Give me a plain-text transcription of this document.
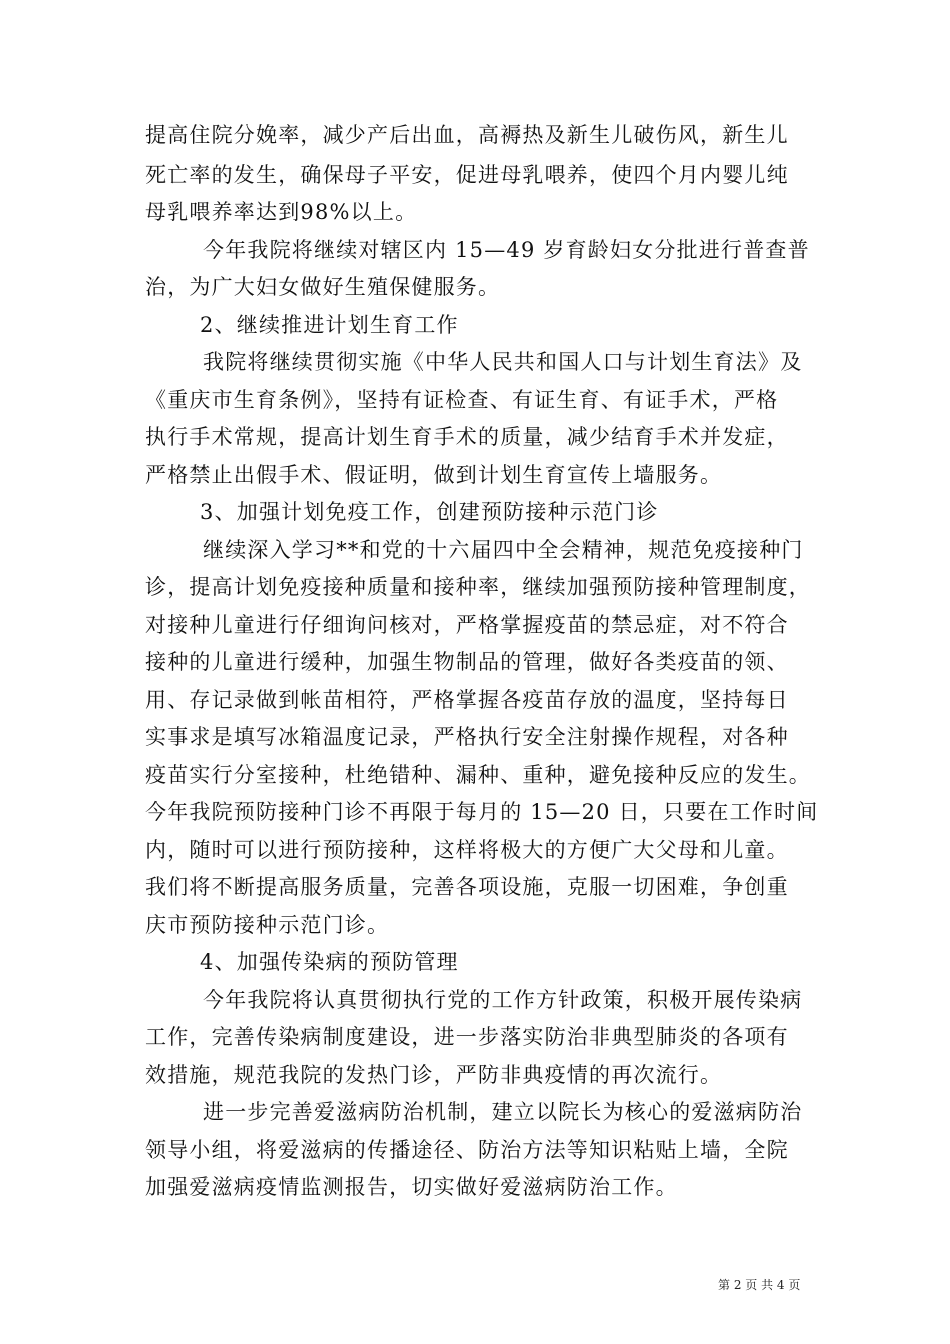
提高住院分娩率，减少产后出血，高褥热及新生儿破伤风，新生儿
死亡率的发生，确保母子平安，促进母乳喂养，使四个月内婴儿纯
母乳喂养率达到98%以上。
今年我院将继续对辖区内 15—49 岁育龄妇女分批进行普查普
治，为广大妇女做好生殖保健服务。
2、继续推进计划生育工作
我院将继续贯彻实施《中华人民共和国人口与计划生育法》及
《重庆市生育条例》，坚持有证检查、有证生育、有证手术，严格
执行手术常规，提高计划生育手术的质量，减少结育手术并发症，
严格禁止出假手术、假证明，做到计划生育宣传上墙服务。
3、加强计划免疫工作，创建预防接种示范门诊
继续深入学习**和党的十六届四中全会精神，规范免疫接种门
诊，提高计划免疫接种质量和接种率，继续加强预防接种管理制度，
对接种儿童进行仔细询问核对，严格掌握疫苗的禁忌症，对不符合
接种的儿童进行缓种，加强生物制品的管理，做好各类疫苗的领、
用、存记录做到帐苗相符，严格掌握各疫苗存放的温度，坚持每日
实事求是填写冰箱温度记录，严格执行安全注射操作规程，对各种
疫苗实行分室接种，杜绝错种、漏种、重种，避免接种反应的发生。
今年我院预防接种门诊不再限于每月的 15—20 日，只要在工作时间
内，随时可以进行预防接种，这样将极大的方便广大父母和儿童。
我们将不断提高服务质量，完善各项设施，克服一切困难，争创重
庆市预防接种示范门诊。
4、加强传染病的预防管理
今年我院将认真贯彻执行党的工作方针政策，积极开展传染病
工作，完善传染病制度建设，进一步落实防治非典型肺炎的各项有
效措施，规范我院的发热门诊，严防非典疫情的再次流行。
进一步完善爱滋病防治机制，建立以院长为核心的爱滋病防治
领导小组，将爱滋病的传播途径、防治方法等知识粘贴上墙，全院
加强爱滋病疫情监测报告，切实做好爱滋病防治工作。
第 2 页 共 4 页
